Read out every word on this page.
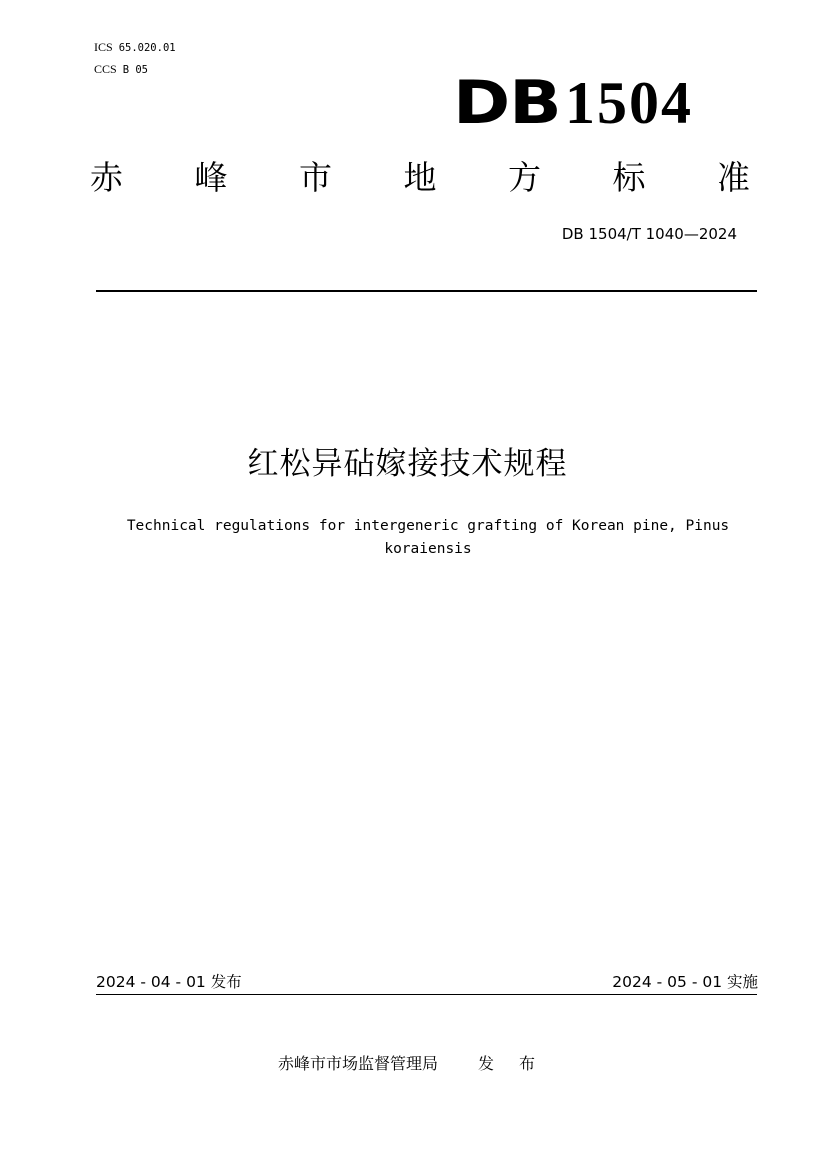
ICS 65.020.01
CCS B 05	DB1504
赤 峰 市 地 方 标 准
DB 1504/T 1040—2024
红松异砧嫁接技术规程
Technical regulations for intergeneric grafting of Korean pine, Pinus
koraiensis
2024 - 04 - 01 发布	2024 - 05 - 01 实施
赤峰市市场监督管理局	发 布
